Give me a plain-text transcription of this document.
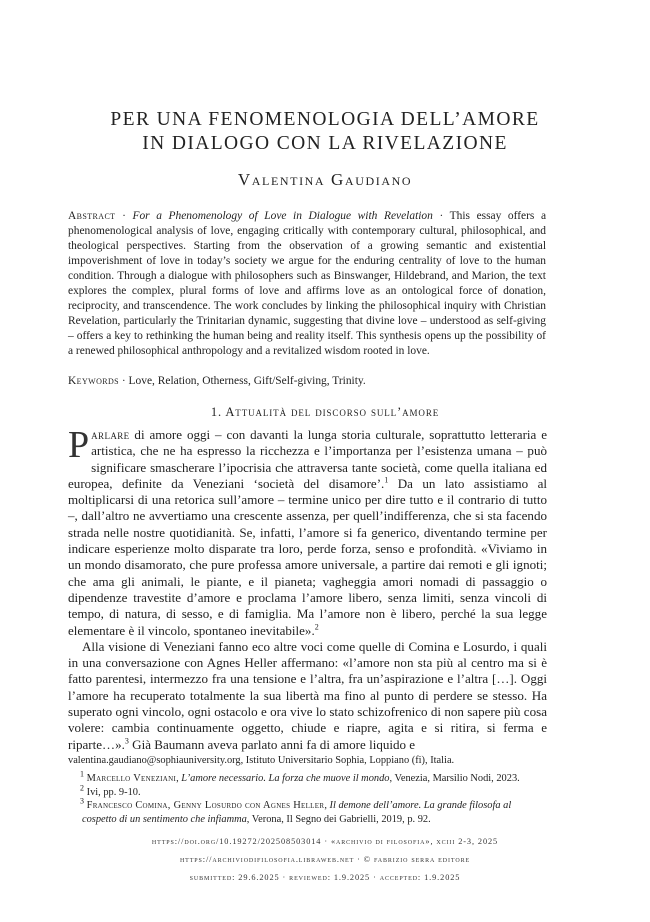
PER UNA FENOMENOLOGIA DELL’AMORE
IN DIALOGO CON LA RIVELAZIONE
Valentina Gaudiano
Abstract · For a Phenomenology of Love in Dialogue with Revelation · This essay offers a phenomenological analysis of love, engaging critically with contemporary cultural, philosophical, and theological perspectives. Starting from the observation of a growing semantic and existential impoverishment of love in today’s society we argue for the enduring centrality of love to the human condition. Through a dialogue with philosophers such as Binswanger, Hildebrand, and Marion, the text explores the complex, plural forms of love and affirms love as an ontological force of donation, reciprocity, and transcendence. The work concludes by linking the philosophical inquiry with Christian Revelation, particularly the Trinitarian dynamic, suggesting that divine love – understood as self-giving – offers a key to rethinking the human being and reality itself. This synthesis opens up the possibility of a renewed philosophical anthropology and a revitalized wisdom rooted in love.
Keywords · Love, Relation, Otherness, Gift/Self-giving, Trinity.
1. Attualità del discorso sull’amore

Parlare di amore oggi – con davanti la lunga storia culturale, soprattutto letteraria e artistica, che ne ha espresso la ricchezza e l’importanza per l’esistenza umana – può significare smascherare l’ipocrisia che attraversa tante società, come quella italiana ed europea, definite da Veneziani ‘società del disamore’.$^1$ Da un lato assistiamo al moltiplicarsi di una retorica sull’amore – termine unico per dire tutto e il contrario di tutto –, dall’altro ne avvertiamo una crescente assenza, per quell’indifferenza, che si sta facendo strada nelle nostre quotidianità. Se, infatti, l’amore si fa generico, diventando termine per indicare esperienze molto disparate tra loro, perde forza, senso e profondità. «Viviamo in un mondo disamorato, che pure professa amore universale, a partire dai remoti e gli ignoti; che ama gli animali, le piante, e il pianeta; vagheggia amori nomadi di passaggio o dipendenze travestite d’amore e proclama l’amore libero, senza limiti, senza vincoli di tempo, di natura, di sesso, e di famiglia. Ma l’amore non è libero, perché la sua legge elementare è il vincolo, spontaneo inevitabile».$^2$

Alla visione di Veneziani fanno eco altre voci come quelle di Comina e Losurdo, i quali in una conversazione con Agnes Heller affermano: «l’amore non sta più al centro ma si è fatto parentesi, intermezzo fra una tensione e l’altra, fra un’aspirazione e l’altra […]. Oggi l’amore ha recuperato totalmente la sua libertà ma fino al punto di perdere se stesso. Ha superato ogni vincolo, ogni ostacolo e ora vive lo stato schizofrenico di non sapere più cosa volere: cambia continuamente oggetto, chiude e riapre, agita e si ritira, si ferma e riparte…».$^3$ Già Baumann aveva parlato anni fa di amore liquido e

valentina.gaudiano@sophiauniversity.org, Istituto Universitario Sophia, Loppiano (fi), Italia.
$^1$ Marcello Veneziani, L’amore necessario. La forza che muove il mondo, Venezia, Marsilio Nodi, 2023.
$^2$ Ivi, pp. 9-10.
$^3$ Francesco Comina, Genny Losurdo con Agnes Heller, Il demone dell’amore. La grande filosofa al cospetto di un sentimento che infiamma, Verona, Il Segno dei Gabrielli, 2019, p. 92.
https://doi.org/10.19272/202508503014 · «archivio di filosofia», xciii 2-3, 2025
https://archiviodifilosofia.libraweb.net · © fabrizio serra editore
submitted: 29.6.2025 · reviewed: 1.9.2025 · accepted: 1.9.2025
